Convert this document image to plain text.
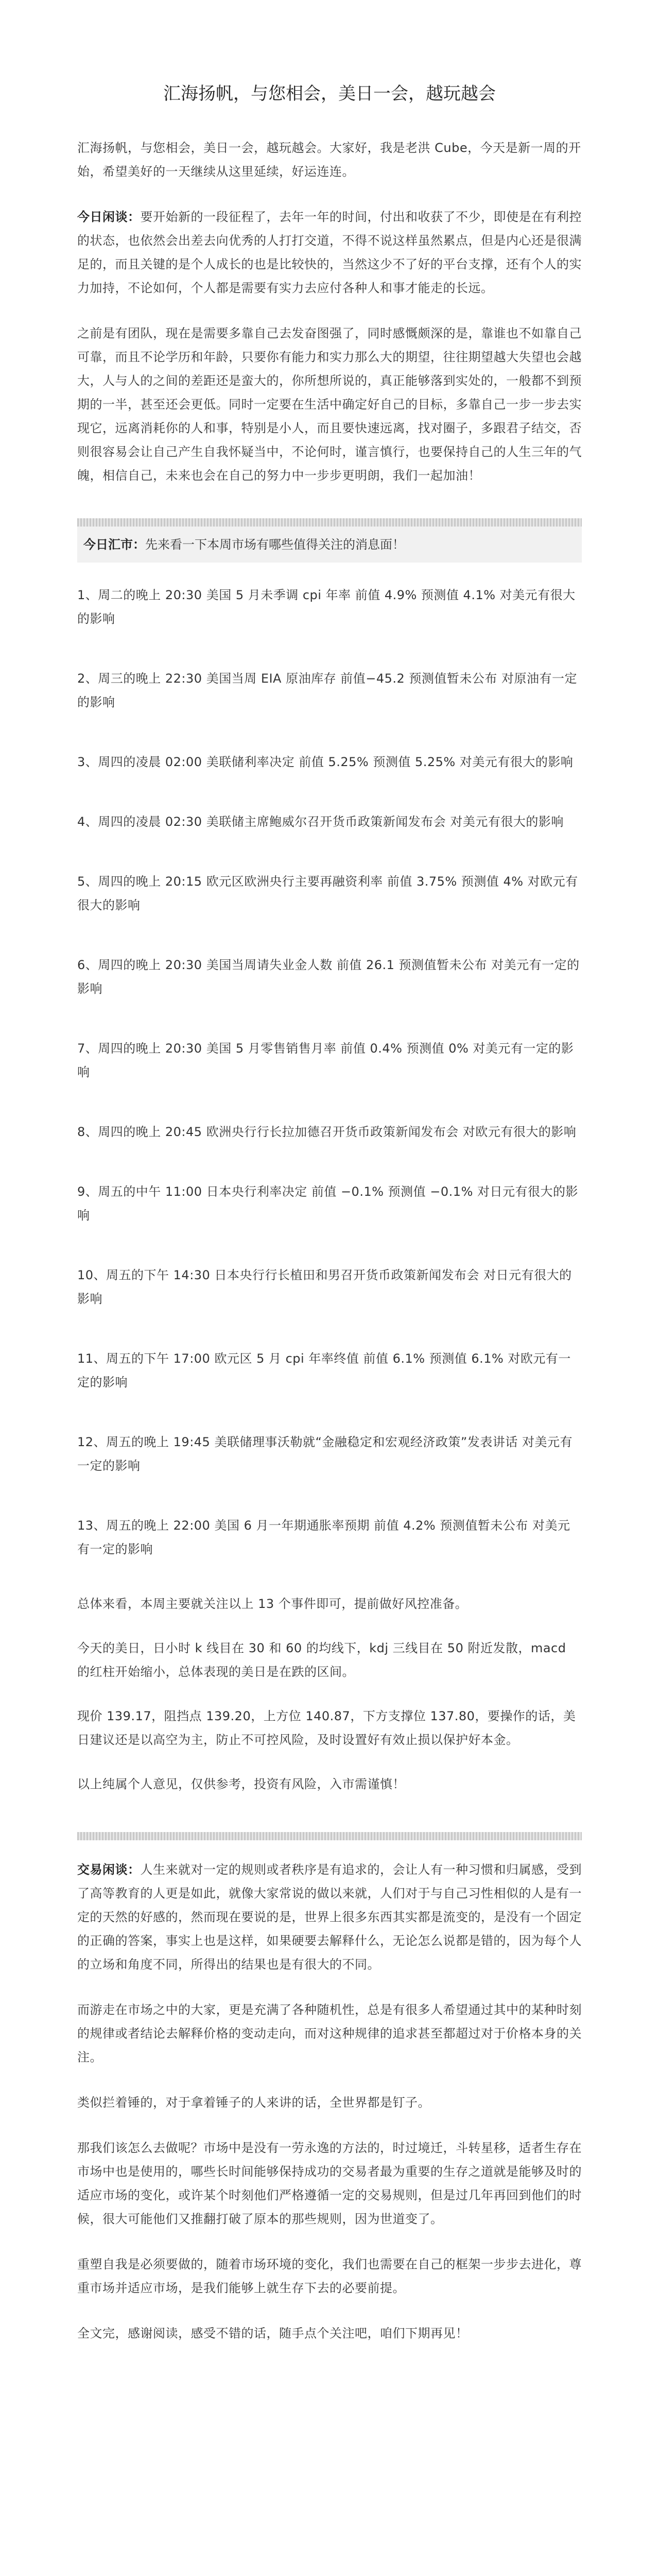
汇海扬帆，与您相会，美日一会，越玩越会

汇海扬帆，与您相会，美日一会，越玩越会。大家好，我是老洪 Cube，今天是新一周的开始，希望美好的一天继续从这里延续，好运连连。

今日闲谈：要开始新的一段征程了，去年一年的时间，付出和收获了不少，即使是在有利控的状态，也依然会出差去向优秀的人打打交道，不得不说这样虽然累点，但是内心还是很满足的，而且关键的是个人成长的也是比较快的，当然这少不了好的平台支撑，还有个人的实力加持，不论如何，个人都是需要有实力去应付各种人和事才能走的长远。

之前是有团队，现在是需要多靠自己去发奋图强了，同时感慨颇深的是，靠谁也不如靠自己可靠，而且不论学历和年龄，只要你有能力和实力那么大的期望，往往期望越大失望也会越大，人与人的之间的差距还是蛮大的，你所想所说的，真正能够落到实处的，一般都不到预期的一半，甚至还会更低。同时一定要在生活中确定好自己的目标，多靠自己一步一步去实现它，远离消耗你的人和事，特别是小人，而且要快速远离，找对圈子，多跟君子结交，否则很容易会让自己产生自我怀疑当中，不论何时，谨言慎行，也要保持自己的人生三年的气魄，相信自己，未来也会在自己的努力中一步步更明朗，我们一起加油！

今日汇市：先来看一下本周市场有哪些值得关注的消息面！

1、周二的晚上 20:30 美国 5 月未季调 cpi 年率 前值 4.9% 预测值 4.1% 对美元有很大的影响

2、周三的晚上 22:30 美国当周 EIA 原油库存 前值−45.2 预测值暂未公布 对原油有一定的影响

3、周四的凌晨 02:00 美联储利率决定 前值 5.25% 预测值 5.25% 对美元有很大的影响

4、周四的凌晨 02:30 美联储主席鲍威尔召开货币政策新闻发布会 对美元有很大的影响

5、周四的晚上 20:15 欧元区欧洲央行主要再融资利率 前值 3.75% 预测值 4% 对欧元有很大的影响

6、周四的晚上 20:30 美国当周请失业金人数 前值 26.1 预测值暂未公布 对美元有一定的影响

7、周四的晚上 20:30 美国 5 月零售销售月率 前值 0.4% 预测值 0% 对美元有一定的影响

8、周四的晚上 20:45 欧洲央行行长拉加德召开货币政策新闻发布会 对欧元有很大的影响

9、周五的中午 11:00 日本央行利率决定 前值 −0.1% 预测值 −0.1% 对日元有很大的影响

10、周五的下午 14:30 日本央行行长植田和男召开货币政策新闻发布会 对日元有很大的影响

11、周五的下午 17:00 欧元区 5 月 cpi 年率终值 前值 6.1% 预测值 6.1% 对欧元有一定的影响

12、周五的晚上 19:45 美联储理事沃勒就“金融稳定和宏观经济政策”发表讲话 对美元有一定的影响

13、周五的晚上 22:00 美国 6 月一年期通胀率预期 前值 4.2% 预测值暂未公布 对美元有一定的影响

总体来看，本周主要就关注以上 13 个事件即可，提前做好风控准备。

今天的美日，日小时 k 线目在 30 和 60 的均线下，kdj 三线目在 50 附近发散，macd 的红柱开始缩小，总体表现的美日是在跌的区间。

现价 139.17，阻挡点 139.20，上方位 140.87，下方支撑位 137.80，要操作的话，美日建议还是以高空为主，防止不可控风险，及时设置好有效止损以保护好本金。

以上纯属个人意见，仅供参考，投资有风险，入市需谨慎！

交易闲谈：人生来就对一定的规则或者秩序是有追求的，会让人有一种习惯和归属感，受到了高等教育的人更是如此，就像大家常说的做以来就，人们对于与自己习性相似的人是有一定的天然的好感的，然而现在要说的是，世界上很多东西其实都是流变的，是没有一个固定的正确的答案，事实上也是这样，如果硬要去解释什么，无论怎么说都是错的，因为每个人的立场和角度不同，所得出的结果也是有很大的不同。

而游走在市场之中的大家，更是充满了各种随机性，总是有很多人希望通过其中的某种时刻的规律或者结论去解释价格的变动走向，而对这种规律的追求甚至都超过对于价格本身的关注。

类似拦着锤的，对于拿着锤子的人来讲的话，全世界都是钉子。

那我们该怎么去做呢？市场中是没有一劳永逸的方法的，时过境迁，斗转星移，适者生存在市场中也是使用的，哪些长时间能够保持成功的交易者最为重要的生存之道就是能够及时的适应市场的变化，或许某个时刻他们严格遵循一定的交易规则，但是过几年再回到他们的时候，很大可能他们又推翻打破了原本的那些规则，因为世道变了。

重塑自我是必须要做的，随着市场环境的变化，我们也需要在自己的框架一步步去进化，尊重市场并适应市场，是我们能够上就生存下去的必要前提。

全文完，感谢阅读，感受不错的话，随手点个关注吧，咱们下期再见！
